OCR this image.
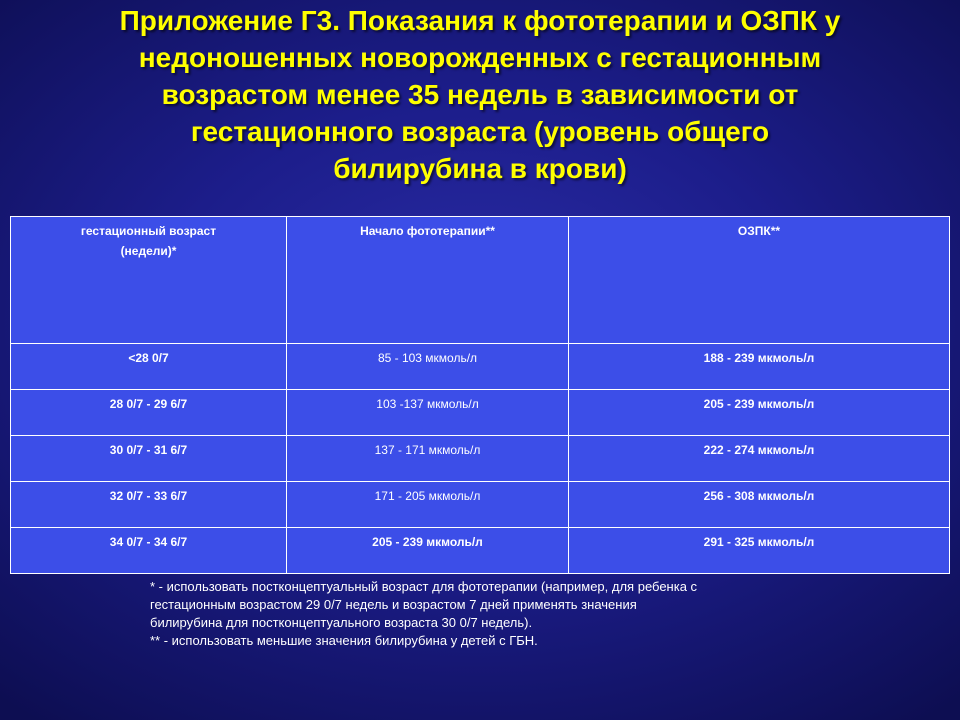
Приложение Г3. Показания к фототерапии и ОЗПК у
недоношенных новорожденных с гестационным
возрастом менее 35 недель в зависимости от
гестационного возраста (уровень общего
билирубина в крови)
гестационный возраст
(недели)*	Начало фототерапии**	ОЗПК**
<28 0/7	85 - 103 мкмоль/л	188 - 239 мкмоль/л
28 0/7 - 29 6/7	103 -137 мкмоль/л	205 - 239 мкмоль/л
30 0/7 - 31 6/7	137 - 171 мкмоль/л	222 - 274 мкмоль/л
32 0/7 - 33 6/7	171 - 205 мкмоль/л	256 - 308 мкмоль/л
34 0/7 - 34 6/7	205 - 239 мкмоль/л	291 - 325 мкмоль/л
* - использовать постконцептуальный возраст для фототерапии (например, для ребенка с
гестационным возрастом 29 0/7 недель и возрастом 7 дней применять значения
билирубина для постконцептуального возраста 30 0/7 недель).
** - использовать меньшие значения билирубина у детей с ГБН.
